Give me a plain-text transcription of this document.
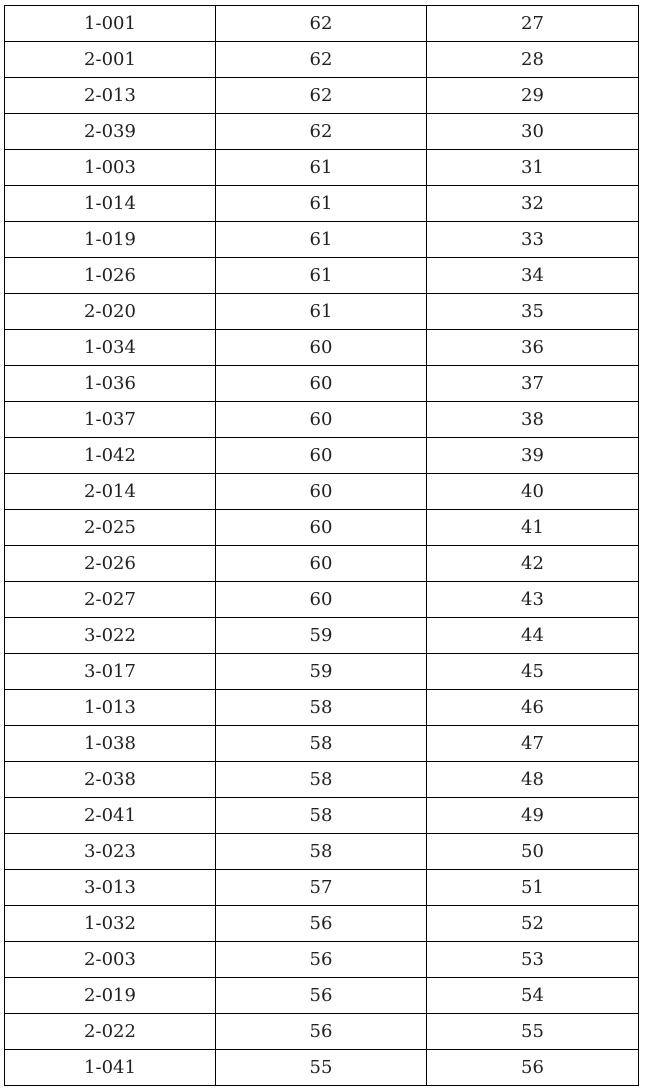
1-001	62	27
2-001	62	28
2-013	62	29
2-039	62	30
1-003	61	31
1-014	61	32
1-019	61	33
1-026	61	34
2-020	61	35
1-034	60	36
1-036	60	37
1-037	60	38
1-042	60	39
2-014	60	40
2-025	60	41
2-026	60	42
2-027	60	43
3-022	59	44
3-017	59	45
1-013	58	46
1-038	58	47
2-038	58	48
2-041	58	49
3-023	58	50
3-013	57	51
1-032	56	52
2-003	56	53
2-019	56	54
2-022	56	55
1-041	55	56
